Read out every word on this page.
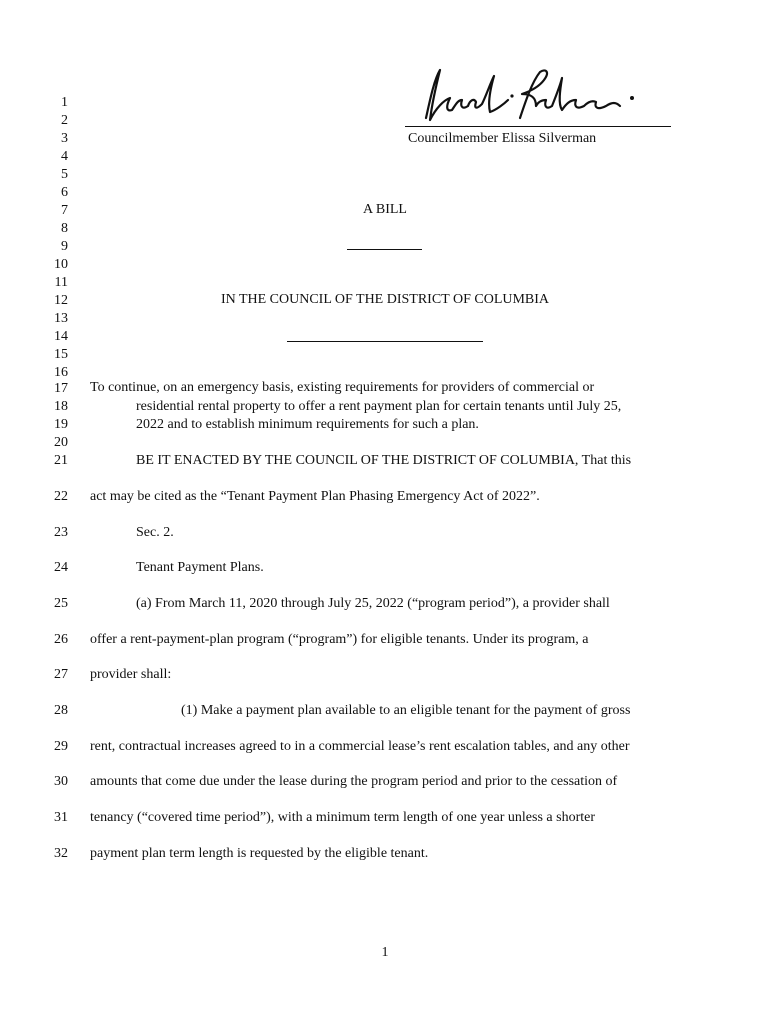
Councilmember Elissa Silverman
1
2
3
4
5
6
7
8
9
10
11
12
13
14
15
16
17
18
19
20
21
22
23
24
25
26
27
28
29
30
31
32
A BILL
IN THE COUNCIL OF THE DISTRICT OF COLUMBIA
To continue, on an emergency basis, existing requirements for providers of commercial or
residential rental property to offer a rent payment plan for certain tenants until July 25,
2022 and to establish minimum requirements for such a plan.
BE IT ENACTED BY THE COUNCIL OF THE DISTRICT OF COLUMBIA, That this
act may be cited as the “Tenant Payment Plan Phasing Emergency Act of 2022”.
Sec. 2.
Tenant Payment Plans.
(a) From March 11, 2020 through July 25, 2022 (“program period”), a provider shall
offer a rent-payment-plan program (“program”) for eligible tenants. Under its program, a
provider shall:
(1) Make a payment plan available to an eligible tenant for the payment of gross
rent, contractual increases agreed to in a commercial lease’s rent escalation tables, and any other
amounts that come due under the lease during the program period and prior to the cessation of
tenancy (“covered time period”), with a minimum term length of one year unless a shorter
payment plan term length is requested by the eligible tenant.
1
